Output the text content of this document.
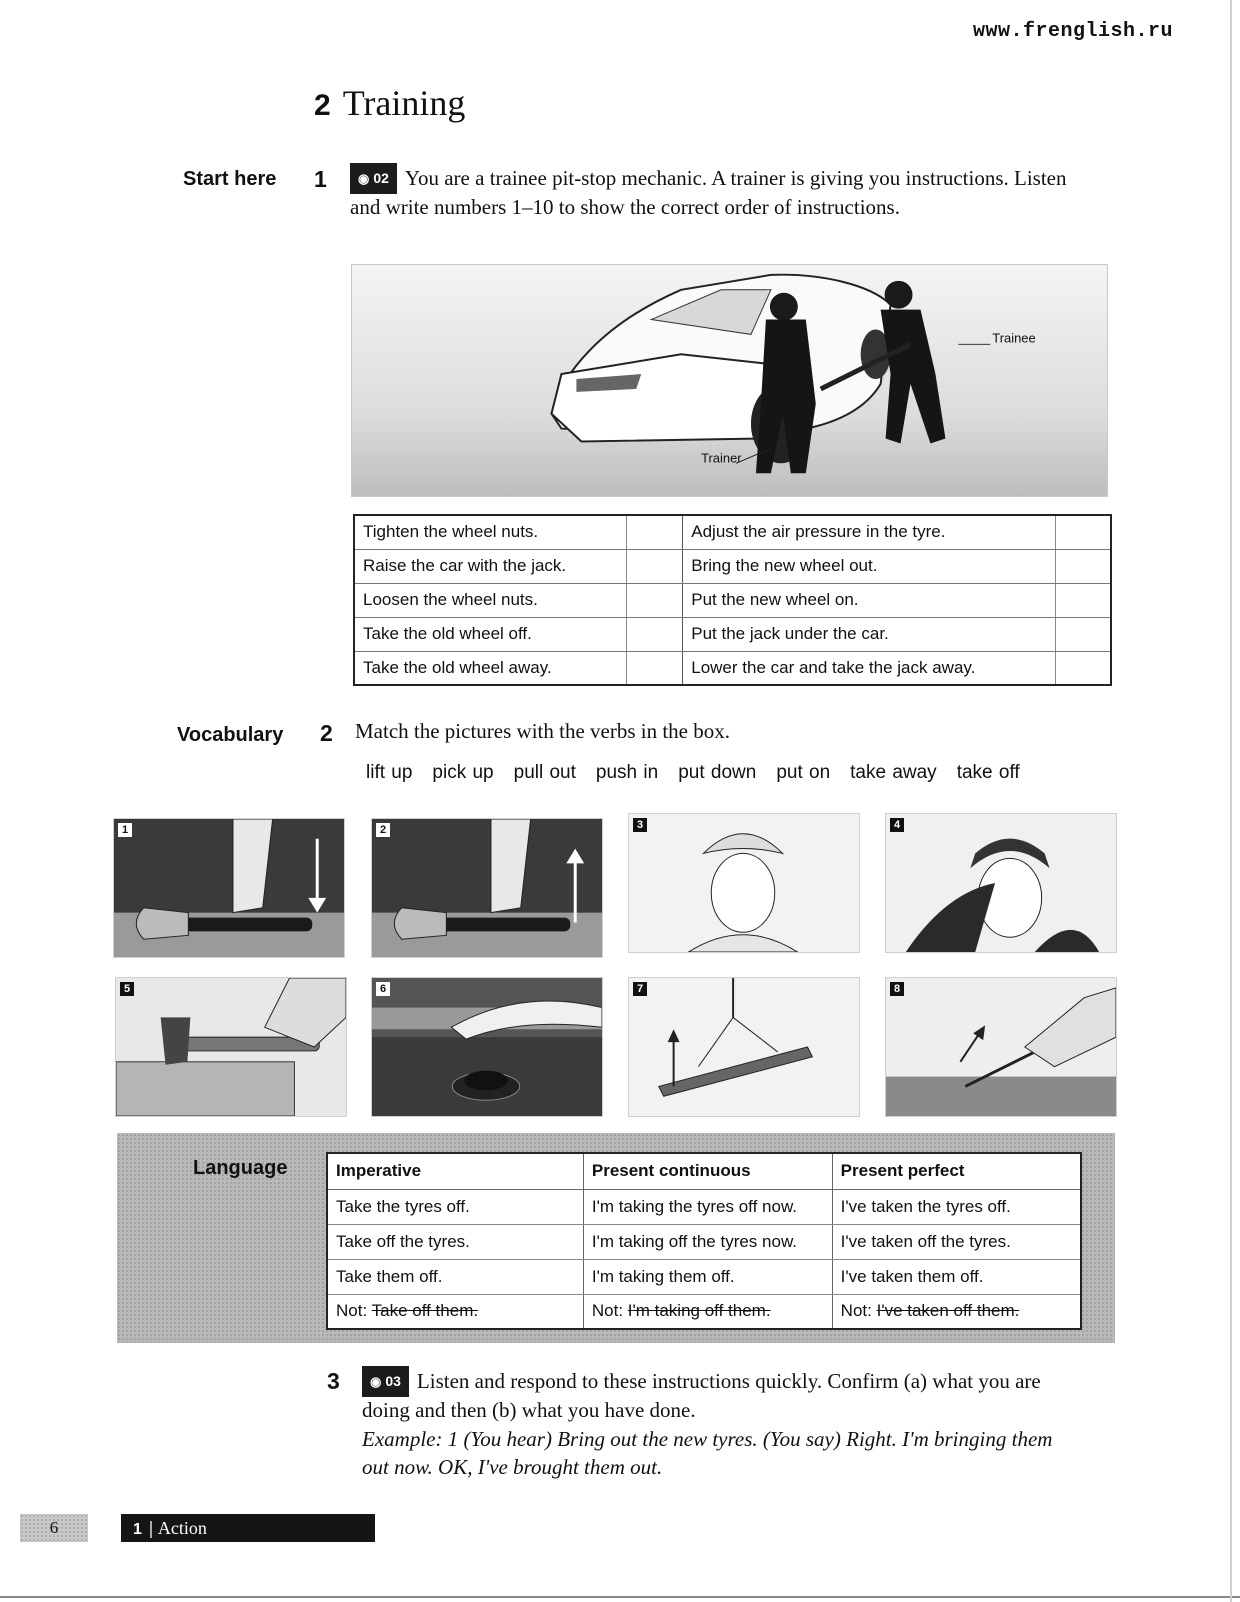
www.frenglish.ru
2 Training
Start here 1	◉ 02 You are a trainee pit-stop mechanic. A trainer is giving you instructions. Listen and write numbers 1–10 to show the correct order of instructions.
Trainee
Trainer
Tighten the wheel nuts.		Adjust the air pressure in the tyre.	
Raise the car with the jack.		Bring the new wheel out.	
Loosen the wheel nuts.		Put the new wheel on.	
Take the old wheel off.		Put the jack under the car.	
Take the old wheel away.		Lower the car and take the jack away.	
Vocabulary 2 Match the pictures with the verbs in the box.
lift up pick up pull out push in put down put on take away take off
1	2	3	4
5	6	7	8
Language	Imperative	Present continuous	Present perfect
Take the tyres off.	I'm taking the tyres off now.	I've taken the tyres off.
Take off the tyres.	I'm taking off the tyres now.	I've taken off the tyres.
Take them off.	I'm taking them off.	I've taken them off.
Not: Take off them.	Not: I'm taking off them.	Not: I've taken off them.
3	◉ 03 Listen and respond to these instructions quickly. Confirm (a) what you are doing and then (b) what you have done.
Example: 1 (You hear) Bring out the new tyres. (You say) Right. I'm bringing them out now. OK, I've brought them out.
6	1 Action
